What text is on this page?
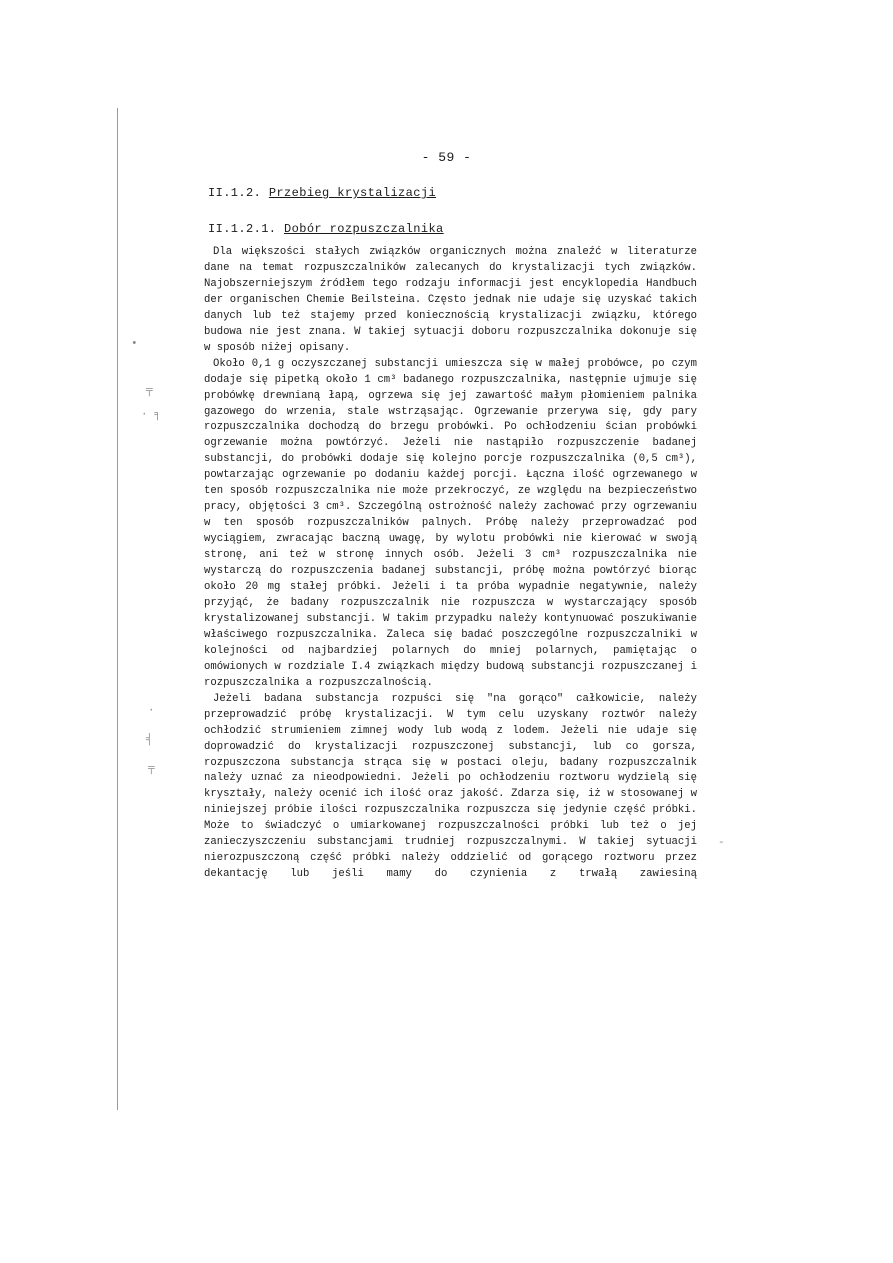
•
╤
· ╕
·
╡
╤
-
- 59 -
II.1.2. Przebieg krystalizacji
II.1.2.1. Dobór rozpuszczalnika

Dla większości stałych związków organicznych można znaleźć w literaturze dane na temat rozpuszczalników zalecanych do krystalizacji tych związków. Najobszerniejszym źródłem tego rodzaju informacji jest encyklopedia Handbuch der organischen Chemie Beilsteina. Często jednak nie udaje się uzyskać takich danych lub też stajemy przed koniecznością krystalizacji związku, którego budowa nie jest znana. W takiej sytuacji doboru rozpuszczalnika dokonuje się w sposób niżej opisany.

Około 0,1 g oczyszczanej substancji umieszcza się w małej probówce, po czym dodaje się pipetką około 1 cm³ badanego rozpuszczalnika, następnie ujmuje się probówkę drewnianą łapą, ogrzewa się jej zawartość małym płomieniem palnika gazowego do wrzenia, stale wstrząsając. Ogrzewanie przerywa się, gdy pary rozpuszczalnika dochodzą do brzegu probówki. Po ochłodzeniu ścian probówki ogrzewanie można powtórzyć. Jeżeli nie nastąpiło rozpuszczenie badanej substancji, do probówki dodaje się kolejno porcje rozpuszczalnika (0,5 cm³), powtarzając ogrzewanie po dodaniu każdej porcji. Łączna ilość ogrzewanego w ten sposób rozpuszczalnika nie może przekroczyć, ze względu na bezpieczeństwo pracy, objętości 3 cm³. Szczególną ostrożność należy zachować przy ogrzewaniu w ten sposób rozpuszczalników palnych. Próbę należy przeprowadzać pod wyciągiem, zwracając baczną uwagę, by wylotu probówki nie kierować w swoją stronę, ani też w stronę innych osób. Jeżeli 3 cm³ rozpuszczalnika nie wystarczą do rozpuszczenia badanej substancji, próbę można powtórzyć biorąc około 20 mg stałej próbki. Jeżeli i ta próba wypadnie negatywnie, należy przyjąć, że badany rozpuszczalnik nie rozpuszcza w wystarczający sposób krystalizowanej substancji. W takim przypadku należy kontynuować poszukiwanie właściwego rozpuszczalnika. Zaleca się badać poszczególne rozpuszczalniki w kolejności od najbardziej polarnych do mniej polarnych, pamiętając o omówionych w rozdziale I.4 związkach między budową substancji rozpuszczanej i rozpuszczalnika a rozpuszczalnością.

Jeżeli badana substancja rozpuści się "na gorąco" całkowicie, należy przeprowadzić próbę krystalizacji. W tym celu uzyskany roztwór należy ochłodzić strumieniem zimnej wody lub wodą z lodem. Jeżeli nie udaje się doprowadzić do krystalizacji rozpuszczonej substancji, lub co gorsza, rozpuszczona substancja strąca się w postaci oleju, badany rozpuszczalnik należy uznać za nieodpowiedni. Jeżeli po ochłodzeniu roztworu wydzielą się kryształy, należy ocenić ich ilość oraz jakość. Zdarza się, iż w stosowanej w niniejszej próbie ilości rozpuszczalnika rozpuszcza się jedynie część próbki. Może to świadczyć o umiarkowanej rozpuszczalności próbki lub też o jej zanieczyszczeniu substancjami trudniej rozpuszczalnymi. W takiej sytuacji nierozpuszczoną część próbki należy oddzielić od gorącego roztworu przez dekantację lub jeśli mamy do czynienia z trwałą zawiesiną
